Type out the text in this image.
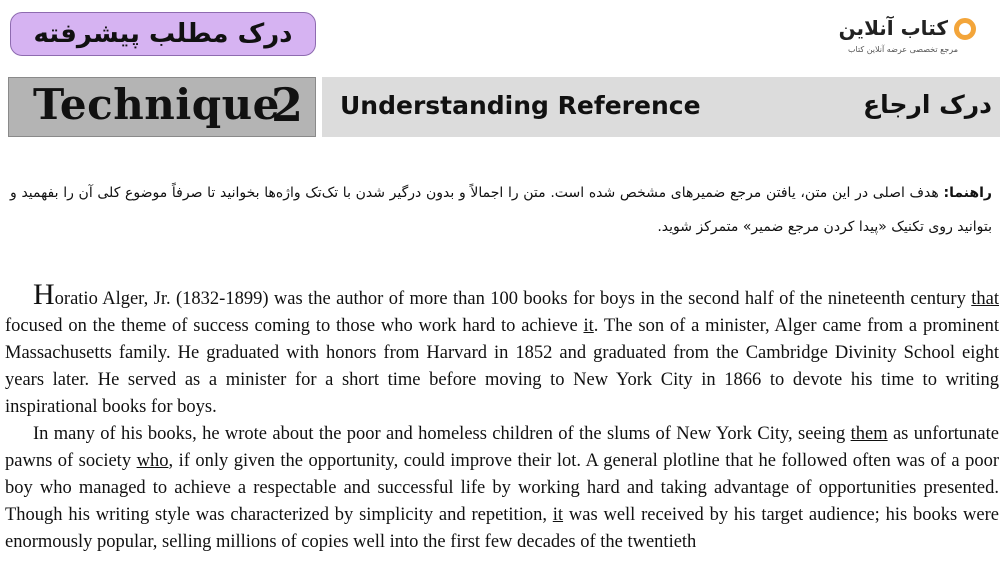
درک مطلب پیشرفته	کتاب آنلاین
مرجع تخصصی عرضه آنلاین کتاب
Technique
2 Understanding Reference	درک ارجاع
راهنما: هدف اصلی در این متن، یافتن مرجع ضمیرهای مشخص شده است. متن را اجمالاً و بدون درگیر شدن با تک‌تک واژه‌ها بخوانید تا صرفاً موضوع کلی آن را بفهمید و بتوانید روی تکنیک «پیدا کردن مرجع ضمیر» متمرکز شوید.

Horatio Alger, Jr. (1832-1899) was the author of more than 100 books for boys in the second half of the nineteenth century that focused on the theme of success coming to those who work hard to achieve it. The son of a minister, Alger came from a prominent Massachusetts family. He graduated with honors from Harvard in 1852 and graduated from the Cambridge Divinity School eight years later. He served as a minister for a short time before moving to New York City in 1866 to devote his time to writing inspirational books for boys.

In many of his books, he wrote about the poor and homeless children of the slums of New York City, seeing them as unfortunate pawns of society who, if only given the opportunity, could improve their lot. A general plotline that he followed often was of a poor boy who managed to achieve a respectable and successful life by working hard and taking advantage of opportunities presented. Though his writing style was characterized by simplicity and repetition, it was well received by his target audience; his books were enormously popular, selling millions of copies well into the first few decades of the twentieth
